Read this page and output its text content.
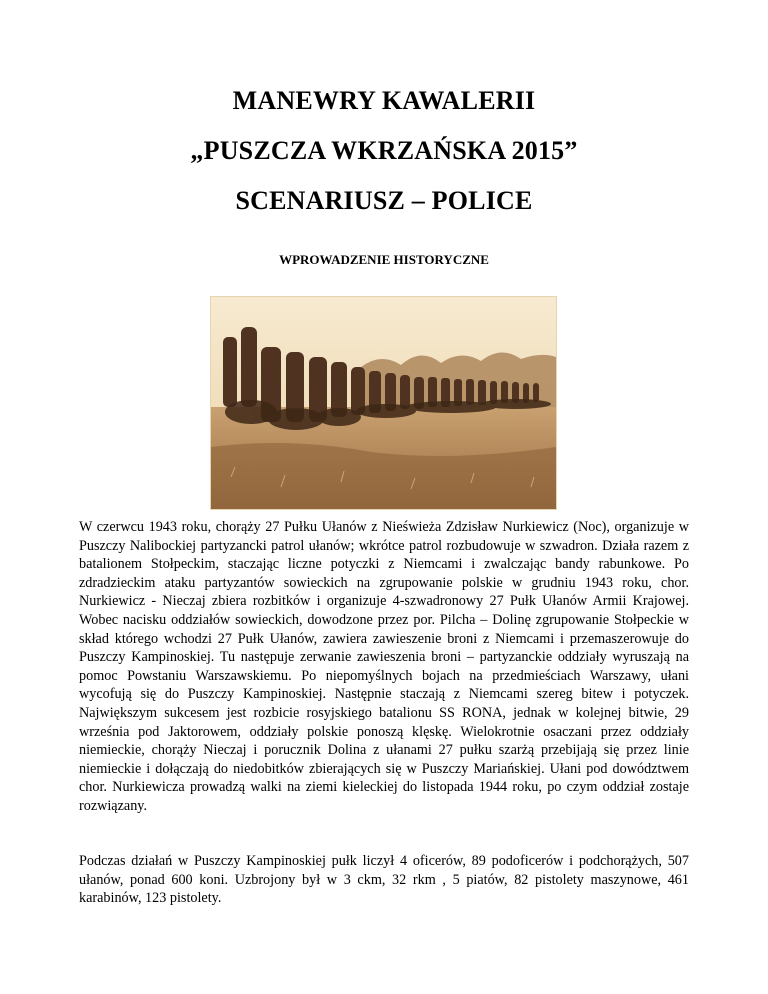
MANEWRY KAWALERII
„PUSZCZA WKRZAŃSKA 2015”
SCENARIUSZ – POLICE
WPROWADZENIE HISTORYCZNE

W czerwcu 1943 roku, chorąży 27 Pułku Ułanów z Nieświeża Zdzisław Nurkiewicz (Noc), organizuje w Puszczy Nalibockiej partyzancki patrol ułanów; wkrótce patrol rozbudowuje w szwadron. Działa razem z batalionem Stołpeckim, staczając liczne potyczki z Niemcami i zwalczając bandy rabunkowe. Po zdradzieckim ataku partyzantów sowieckich na zgrupowanie polskie w grudniu 1943 roku, chor. Nurkiewicz - Nieczaj zbiera rozbitków i organizuje 4-szwadronowy 27 Pułk Ułanów Armii Krajowej. Wobec nacisku oddziałów sowieckich, dowodzone przez por. Pilcha – Dolinę zgrupowanie Stołpeckie w skład którego wchodzi 27 Pułk Ułanów, zawiera zawieszenie broni z Niemcami i przemaszerowuje do Puszczy Kampinoskiej. Tu następuje zerwanie zawieszenia broni – partyzanckie oddziały wyruszają na pomoc Powstaniu Warszawskiemu. Po niepomyślnych bojach na przedmieściach Warszawy, ułani wycofują się do Puszczy Kampinoskiej. Następnie staczają z Niemcami szereg bitew i potyczek. Największym sukcesem jest rozbicie rosyjskiego batalionu SS RONA, jednak w kolejnej bitwie, 29 września pod Jaktorowem, oddziały polskie ponoszą klęskę. Wielokrotnie osaczani przez oddziały niemieckie, chorąży Nieczaj i porucznik Dolina z ułanami 27 pułku szarżą przebijają się przez linie niemieckie i dołączają do niedobitków zbierających się w Puszczy Mariańskiej. Ułani pod dowództwem chor. Nurkiewicza prowadzą walki na ziemi kieleckiej do listopada 1944 roku, po czym oddział zostaje rozwiązany.

Podczas działań w Puszczy Kampinoskiej pułk liczył 4 oficerów, 89 podoficerów i podchorążych, 507 ułanów, ponad 600 koni. Uzbrojony był w 3 ckm, 32 rkm , 5 piatów, 82 pistolety maszynowe, 461 karabinów, 123 pistolety.
